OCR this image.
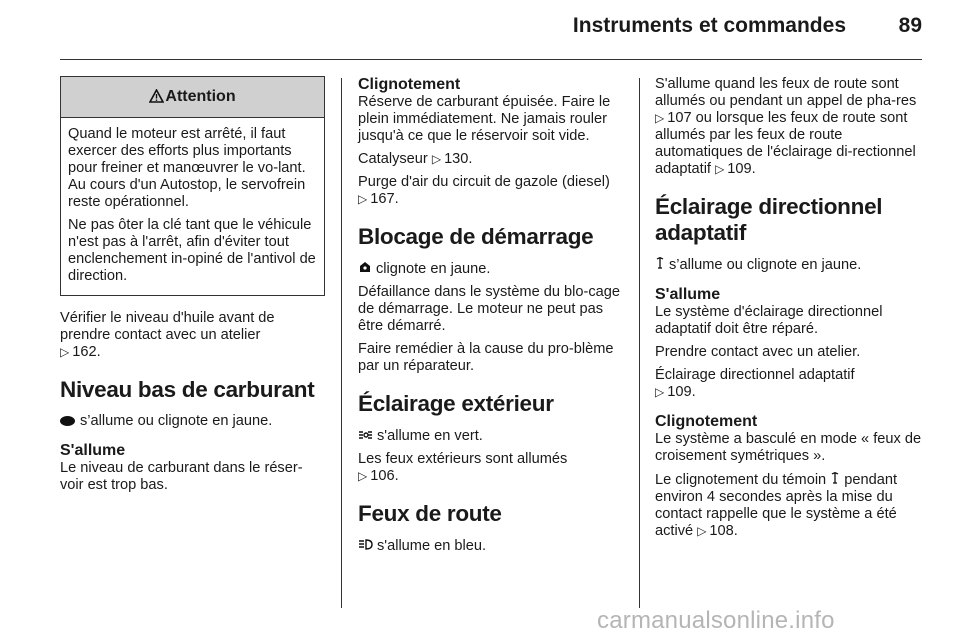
Instruments et commandes	89
Attention

Quand le moteur est arrêté, il faut exercer des efforts plus importants pour freiner et manœuvrer le vo-lant. Au cours d'un Autostop, le servofrein reste opérationnel.

Ne pas ôter la clé tant que le véhicule n'est pas à l'arrêt, afin d'éviter tout enclenchement in-opiné de l'antivol de direction.

Vérifier le niveau d'huile avant de prendre contact avec un atelier
▷ 162.

Niveau bas de carburant

s’allume ou clignote en jaune.

S'allume

Le niveau de carburant dans le réser-voir est trop bas.

Clignotement

Réserve de carburant épuisée. Faire le plein immédiatement. Ne jamais rouler jusqu'à ce que le réservoir soit vide.

Catalyseur ▷ 130.

Purge d'air du circuit de gazole (diesel) ▷ 167.

Blocage de démarrage

clignote en jaune.

Défaillance dans le système du blo-cage de démarrage. Le moteur ne peut pas être démarré.

Faire remédier à la cause du pro-blème par un réparateur.

Éclairage extérieur

s'allume en vert.

Les feux extérieurs sont allumés
▷ 106.

Feux de route

s'allume en bleu.

S'allume quand les feux de route sont allumés ou pendant un appel de pha-res ▷ 107 ou lorsque les feux de route sont allumés par les feux de route automatiques de l'éclairage di-rectionnel adaptatif ▷ 109.

Éclairage directionnel adaptatif

s’allume ou clignote en jaune.

S'allume

Le système d'éclairage directionnel adaptatif doit être réparé.

Prendre contact avec un atelier.

Éclairage directionnel adaptatif
▷ 109.

Clignotement

Le système a basculé en mode « feux de croisement symétriques ».

Le clignotement du témoin pendant environ 4 secondes après la mise du contact rappelle que le système a été activé ▷ 108.

carmanualsonline.info
